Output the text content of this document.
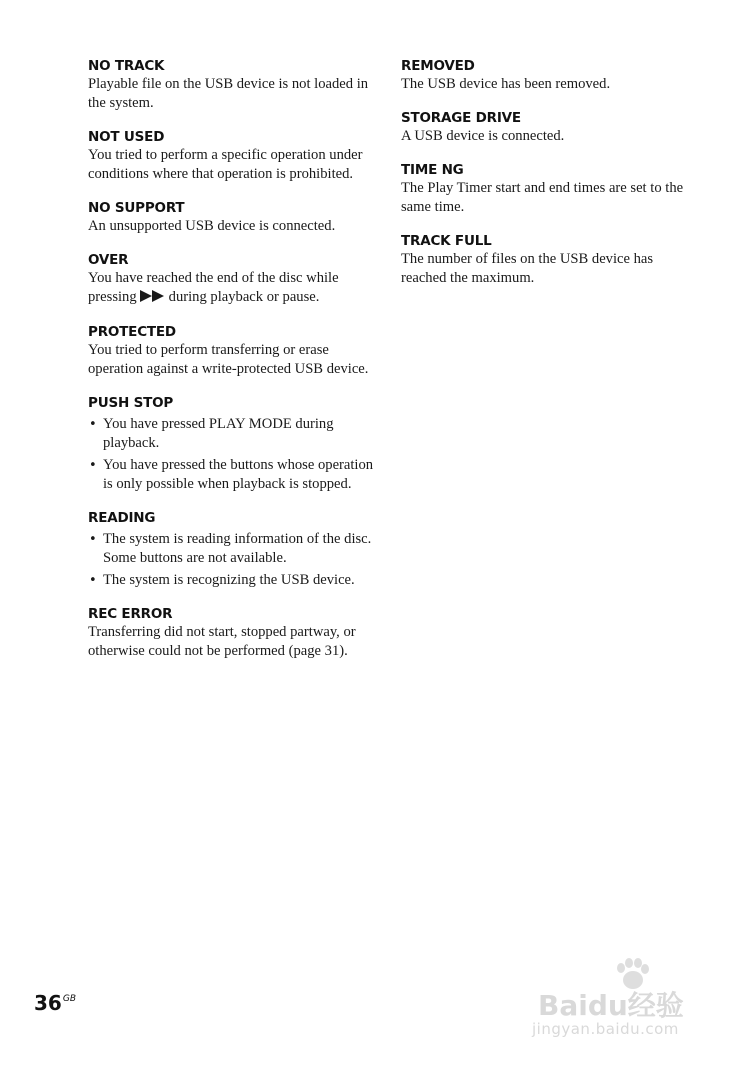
NO TRACK
Playable file on the USB device is not loaded in the system.
NOT USED
You tried to perform a specific operation under conditions where that operation is prohibited.
NO SUPPORT
An unsupported USB device is connected.
OVER
You have reached the end of the disc while pressing during playback or pause.
PROTECTED
You tried to perform transferring or erase operation against a write-protected USB device.
PUSH STOP
• You have pressed PLAY MODE during playback.
• You have pressed the buttons whose operation is only possible when playback is stopped.
READING
• The system is reading information of the disc. Some buttons are not available.
• The system is recognizing the USB device.
REC ERROR
Transferring did not start, stopped partway, or otherwise could not be performed (page 31).
REMOVED
The USB device has been removed.
STORAGE DRIVE
A USB device is connected.
TIME NG
The Play Timer start and end times are set to the same time.
TRACK FULL
The number of files on the USB device has reached the maximum.
$36^{GB}$	Baidu经验
jingyan.baidu.com
